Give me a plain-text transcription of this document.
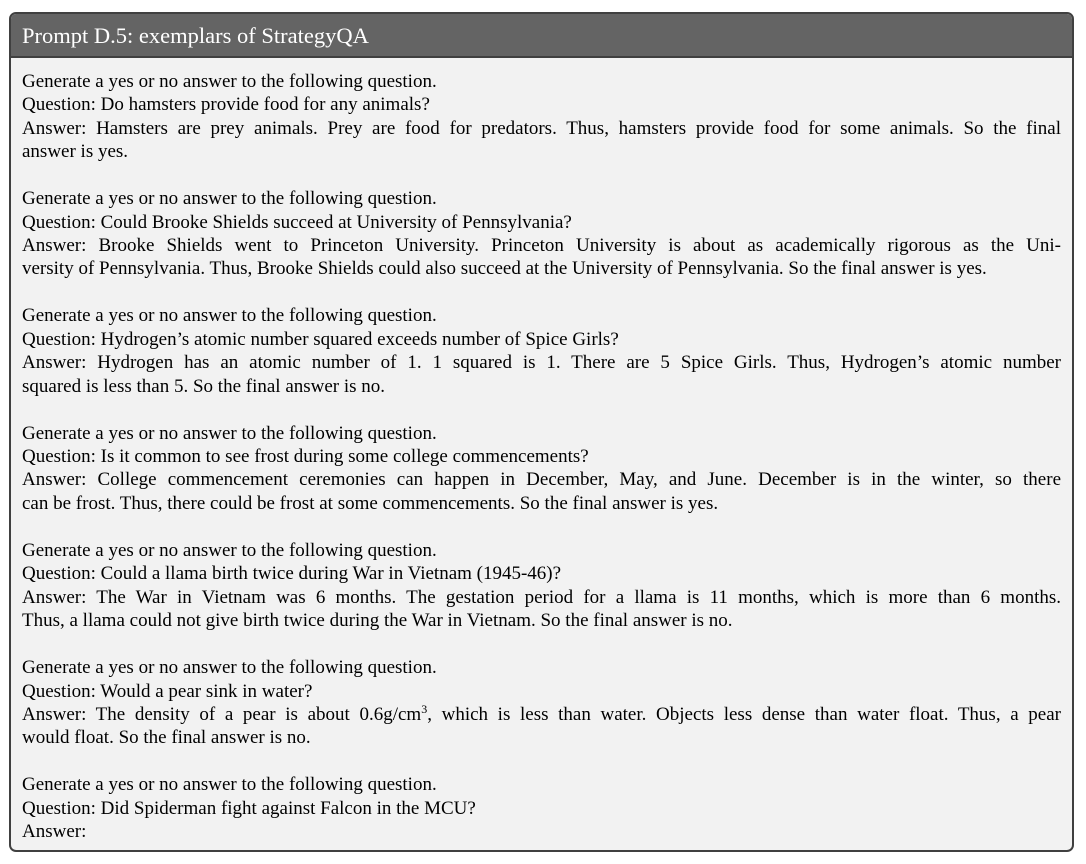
Prompt D.5: exemplars of StrategyQA
Generate a yes or no answer to the following question.
Question: Do hamsters provide food for any animals?
Answer: Hamsters are prey animals. Prey are food for predators. Thus, hamsters provide food for some animals. So the final
answer is yes.
Generate a yes or no answer to the following question.
Question: Could Brooke Shields succeed at University of Pennsylvania?
Answer: Brooke Shields went to Princeton University. Princeton University is about as academically rigorous as the Uni-
versity of Pennsylvania. Thus, Brooke Shields could also succeed at the University of Pennsylvania. So the final answer is yes.
Generate a yes or no answer to the following question.
Question: Hydrogen’s atomic number squared exceeds number of Spice Girls?
Answer: Hydrogen has an atomic number of 1. 1 squared is 1. There are 5 Spice Girls. Thus, Hydrogen’s atomic number
squared is less than 5. So the final answer is no.
Generate a yes or no answer to the following question.
Question: Is it common to see frost during some college commencements?
Answer: College commencement ceremonies can happen in December, May, and June. December is in the winter, so there
can be frost. Thus, there could be frost at some commencements. So the final answer is yes.
Generate a yes or no answer to the following question.
Question: Could a llama birth twice during War in Vietnam (1945-46)?
Answer: The War in Vietnam was 6 months. The gestation period for a llama is 11 months, which is more than 6 months.
Thus, a llama could not give birth twice during the War in Vietnam. So the final answer is no.
Generate a yes or no answer to the following question.
Question: Would a pear sink in water?
Answer: The density of a pear is about $0.6g/cm^3$, which is less than water. Objects less dense than water float. Thus, a pear
would float. So the final answer is no.
Generate a yes or no answer to the following question.
Question: Did Spiderman fight against Falcon in the MCU?
Answer:
